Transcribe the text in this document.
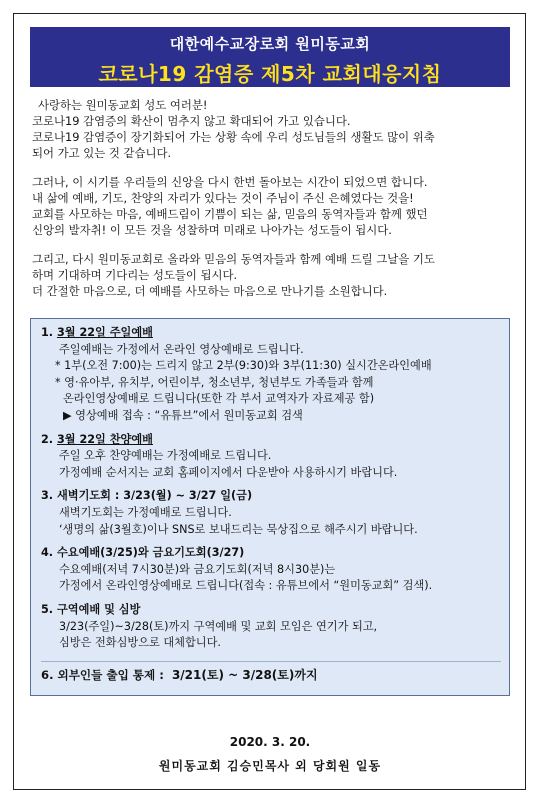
대한예수교장로회 원미동교회
코로나19 감염증 제5차 교회대응지침

사랑하는 원미동교회 성도 여러분!

코로나19 감염증의 확산이 멈추지 않고 확대되어 가고 있습니다.

코로나19 감염증이 장기화되어 가는 상황 속에 우리 성도님들의 생활도 많이 위축

되어 가고 있는 것 같습니다.

그러나, 이 시기를 우리들의 신앙을 다시 한번 돌아보는 시간이 되었으면 합니다.

내 삶에 예배, 기도, 찬양의 자리가 있다는 것이 주님이 주신 은혜였다는 것을!

교회를 사모하는 마음, 예배드림이 기쁨이 되는 삶, 믿음의 동역자들과 함께 했던

신앙의 발자취! 이 모든 것을 성찰하며 미래로 나아가는 성도들이 됩시다.

그리고, 다시 원미동교회로 올라와 믿음의 동역자들과 함께 예배 드릴 그날을 기도

하며 기대하며 기다리는 성도들이 됩시다.

더 간절한 마음으로, 더 예배를 사모하는 마음으로 만나기를 소원합니다.

1. 3월 22일 주일예배
주일예배는 가정에서 온라인 영상예배로 드립니다.
* 1부(오전 7:00)는 드리지 않고 2부(9:30)와 3부(11:30) 실시간온라인예배
* 영·유아부, 유치부, 어린이부, 청소년부, 청년부도 가족들과 함께
온라인영상예배로 드립니다(또한 각 부서 교역자가 자료제공 함)
▶ 영상예배 접속 : “유튜브”에서 원미동교회 검색
2. 3월 22일 찬양예배
주일 오후 찬양예배는 가정예배로 드립니다.
가정예배 순서지는 교회 홈페이지에서 다운받아 사용하시기 바랍니다.
3. 새벽기도회 : 3/23(월) ~ 3/27 일(금)
새벽기도회는 가정예배로 드립니다.
‘생명의 삶(3월호)이나 SNS로 보내드리는 묵상집으로 해주시기 바랍니다.
4. 수요예배(3/25)와 금요기도회(3/27)
수요예배(저녁 7시30분)와 금요기도회(저녁 8시30분)는
가정에서 온라인영상예배로 드립니다(접속 : 유튜브에서 “원미동교회” 검색).
5. 구역예배 및 심방
3/23(주일)~3/28(토)까지 구역예배 및 교회 모임은 연기가 되고,
심방은 전화심방으로 대체합니다.
6. 외부인들 출입 통제 : 3/21(토) ~ 3/28(토)까지
2020. 3. 20.
원미동교회 김승민목사 외 당회원 일동
